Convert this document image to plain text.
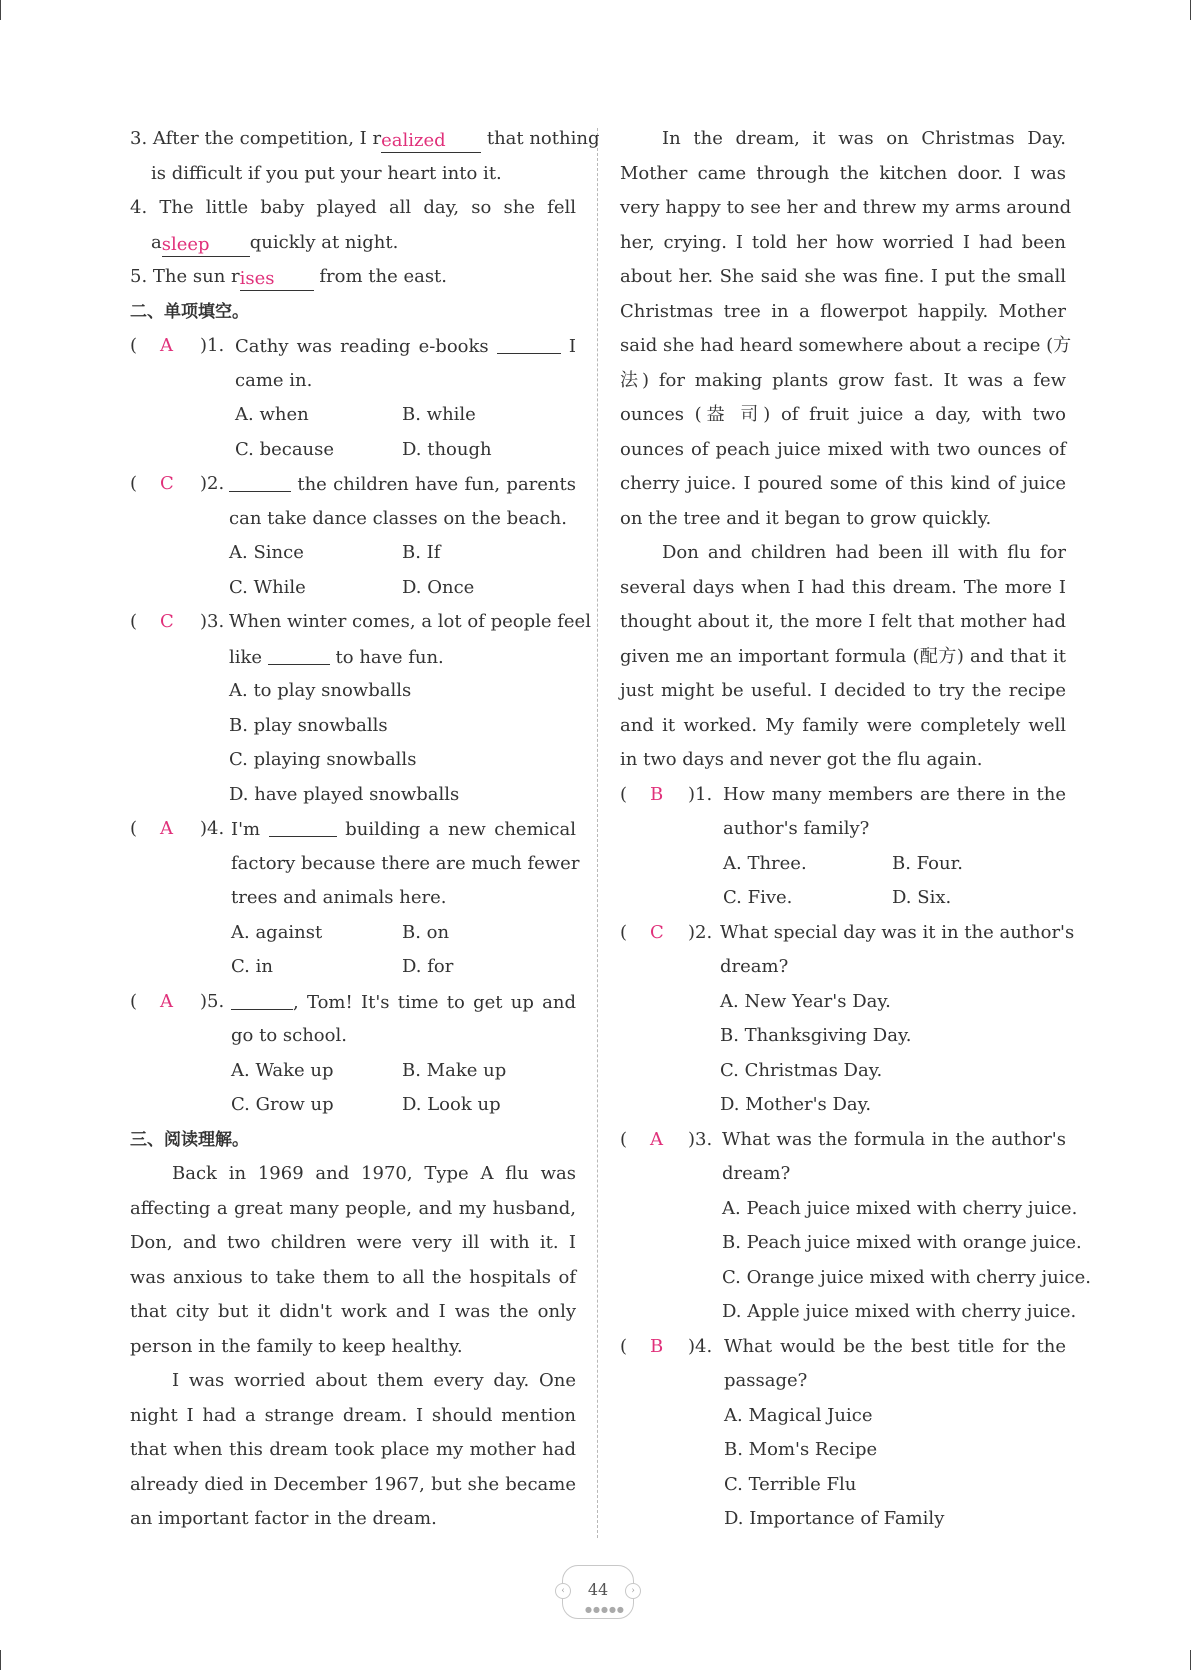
3. After the competition, I realized that nothing
is difficult if you put your heart into it.
4. The little baby played all day, so she fell
asleep quickly at night.
5. The sun rises from the east.
二、单项填空。
( A )1. Cathy was reading e-books	I
came in.
A. when	B. while
C. because	D. though
( C )2.	the children have fun, parents
can take dance classes on the beach.
A. Since	B. If
C. While	D. Once
( C )3. When winter comes, a lot of people feel
like	to have fun.
A. to play snowballs
B. play snowballs
C. playing snowballs
D. have played snowballs
( A )4. I'm	building a new chemical
factory because there are much fewer
trees and animals here.
A. against	B. on
C. in	D. for
( A )5.	, Tom! It's time to get up and
go to school.
A. Wake up	B. Make up
C. Grow up	D. Look up
三、阅读理解。
Back in 1969 and 1970, Type A flu was
affecting a great many people, and my husband,
Don, and two children were very ill with it. I
was anxious to take them to all the hospitals of
that city but it didn't work and I was the only
person in the family to keep healthy.
I was worried about them every day. One
night I had a strange dream. I should mention
that when this dream took place my mother had
already died in December 1967, but she became
an important factor in the dream.
In the dream, it was on Christmas Day.
Mother came through the kitchen door. I was
very happy to see her and threw my arms around
her, crying. I told her how worried I had been
about her. She said she was fine. I put the small
Christmas tree in a flowerpot happily. Mother
said she had heard somewhere about a recipe (方
法) for making plants grow fast. It was a few
ounces (盎 司) of fruit juice a day, with two
ounces of peach juice mixed with two ounces of
cherry juice. I poured some of this kind of juice
on the tree and it began to grow quickly.
Don and children had been ill with flu for
several days when I had this dream. The more I
thought about it, the more I felt that mother had
given me an important formula (配方) and that it
just might be useful. I decided to try the recipe
and it worked. My family were completely well
in two days and never got the flu again.
( B )1. How many members are there in the
author's family?
A. Three.	B. Four.
C. Five.	D. Six.
( C )2. What special day was it in the author's
dream?
A. New Year's Day.
B. Thanksgiving Day.
C. Christmas Day.
D. Mother's Day.
( A )3. What was the formula in the author's
dream?
A. Peach juice mixed with cherry juice.
B. Peach juice mixed with orange juice.
C. Orange juice mixed with cherry juice.
D. Apple juice mixed with cherry juice.
( B )4. What would be the best title for the
passage?
A. Magical Juice
B. Mom's Recipe
C. Terrible Flu
D. Importance of Family
‹	44	›
●●●●●
